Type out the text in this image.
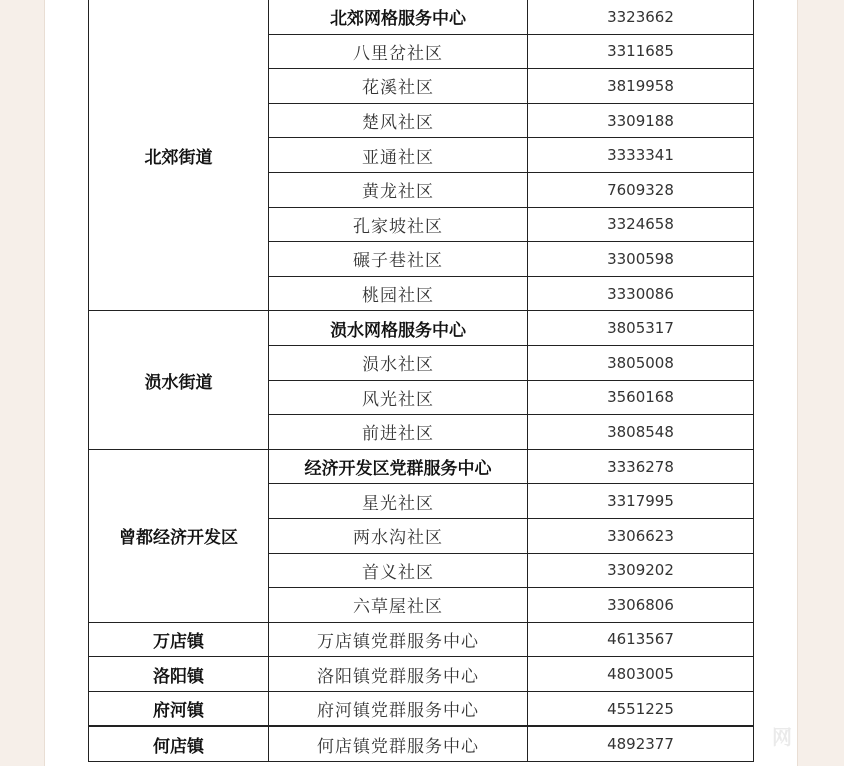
北郊街道	北郊网格服务中心	3323662
	八里岔社区	3311685
	花溪社区	3819958
	楚风社区	3309188
	亚通社区	3333341
	黄龙社区	7609328
	孔家坡社区	3324658
	碾子巷社区	3300598
	桃园社区	3330086
涢水街道	涢水网格服务中心	3805317
	涢水社区	3805008
	风光社区	3560168
	前进社区	3808548
曾都经济开发区	经济开发区党群服务中心	3336278
	星光社区	3317995
	两水沟社区	3306623
	首义社区	3309202
	六草屋社区	3306806
万店镇	万店镇党群服务中心	4613567
洛阳镇	洛阳镇党群服务中心	4803005
府河镇	府河镇党群服务中心	4551225
何店镇	何店镇党群服务中心	4892377	网
